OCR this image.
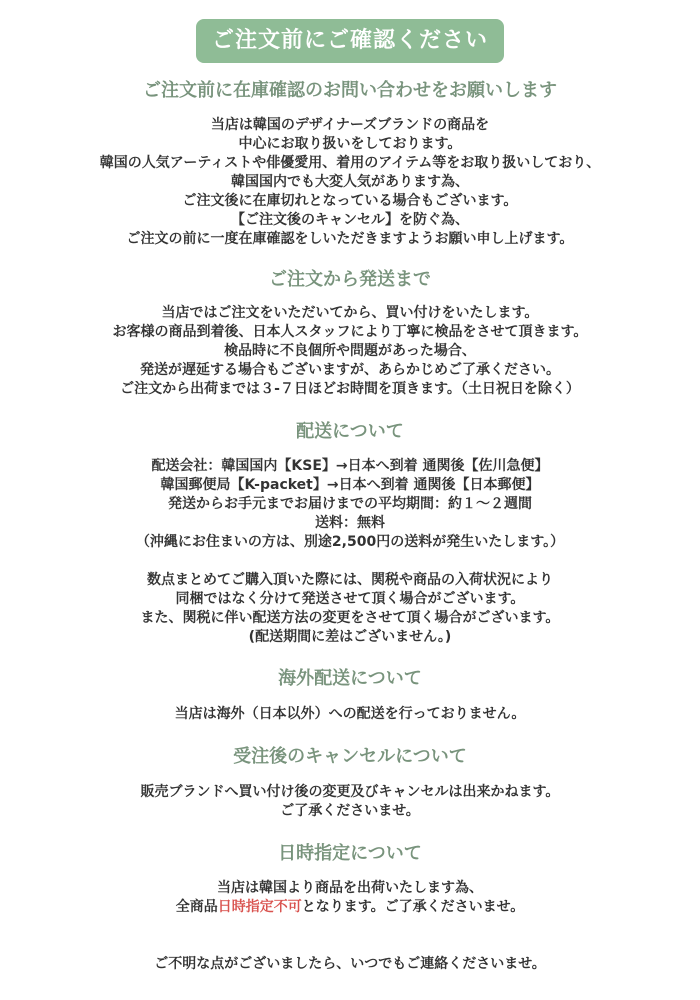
ご注文前にご確認ください
ご注文前に在庫確認のお問い合わせをお願いします
当店は韓国のデザイナーズブランドの商品を
中心にお取り扱いをしております。
韓国の人気アーティストや俳優愛用、着用のアイテム等をお取り扱いしており、
韓国国内でも大変人気があります為、
ご注文後に在庫切れとなっている場合もございます。
【ご注文後のキャンセル】を防ぐ為、
ご注文の前に一度在庫確認をしいただきますようお願い申し上げます。
ご注文から発送まで
当店ではご注文をいただいてから、買い付けをいたします。
お客様の商品到着後、日本人スタッフにより丁寧に検品をさせて頂きます。
検品時に不良個所や問題があった場合、
発送が遅延する場合もございますが、あらかじめご了承ください。
ご注文から出荷までは３-７日ほどお時間を頂きます。（土日祝日を除く）
配送について
配送会社：韓国国内【KSE】→日本へ到着 通関後【佐川急便】
韓国郵便局【K-packet】→日本へ到着 通関後【日本郵便】
発送からお手元までお届けまでの平均期間：約１～２週間
送料：無料
（沖縄にお住まいの方は、別途2,500円の送料が発生いたします。）
数点まとめてご購入頂いた際には、関税や商品の入荷状況により
同梱ではなく分けて発送させて頂く場合がございます。
また、関税に伴い配送方法の変更をさせて頂く場合がございます。
(配送期間に差はございません。)
海外配送について
当店は海外（日本以外）への配送を行っておりません。
受注後のキャンセルについて
販売ブランドへ買い付け後の変更及びキャンセルは出来かねます。
ご了承くださいませ。
日時指定について
当店は韓国より商品を出荷いたします為、
全商品日時指定不可となります。ご了承くださいませ。
ご不明な点がございましたら、いつでもご連絡くださいませ。
